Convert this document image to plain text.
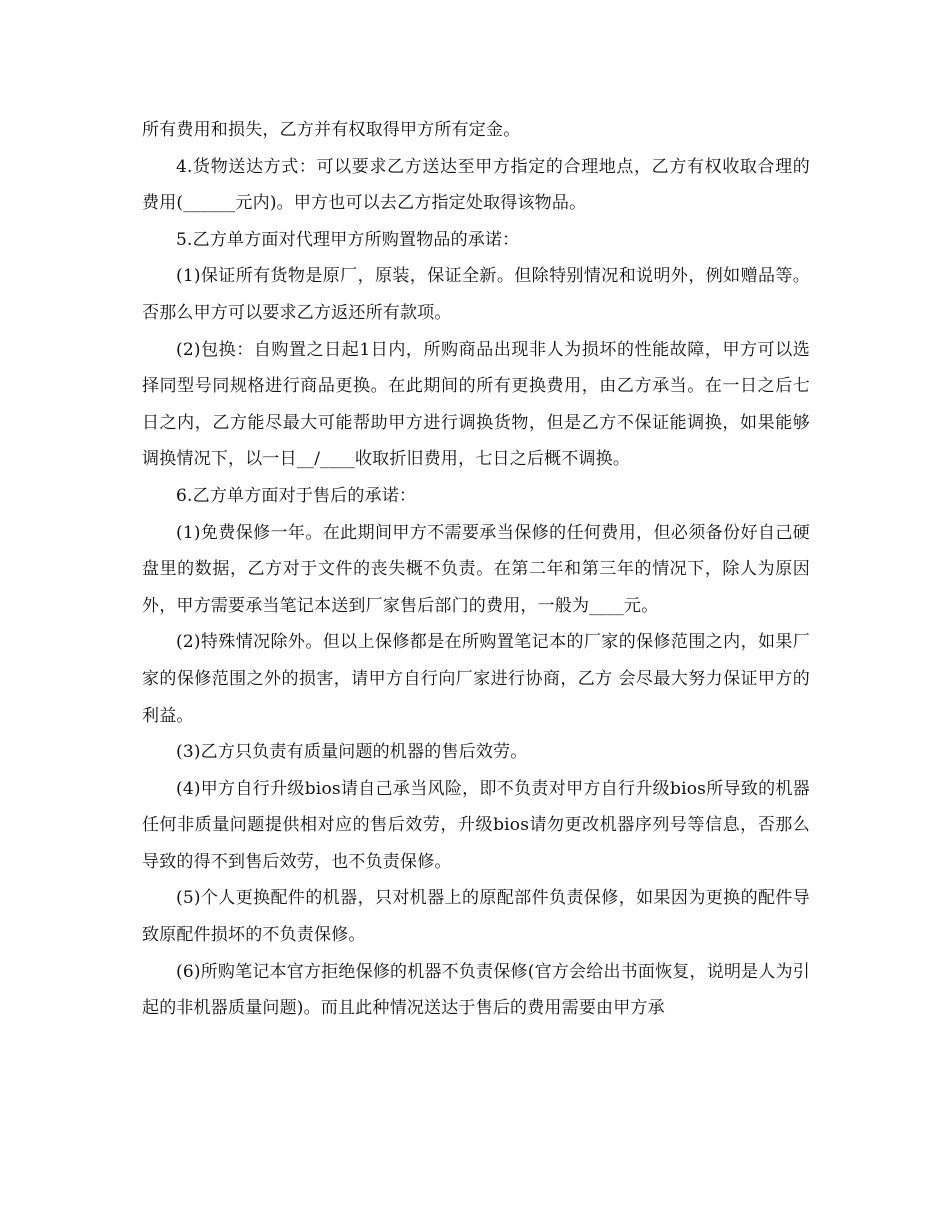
所有费用和损失，乙方并有权取得甲方所有定金。

4.货物送达方式：可以要求乙方送达至甲方指定的合理地点，乙方有权收取合理的费用(______元内)。甲方也可以去乙方指定处取得该物品。

5.乙方单方面对代理甲方所购置物品的承诺：

(1)保证所有货物是原厂，原装，保证全新。但除特别情况和说明外，例如赠品等。否那么甲方可以要求乙方返还所有款项。

(2)包换：自购置之日起1日内，所购商品出现非人为损坏的性能故障，甲方可以选择同型号同规格进行商品更换。在此期间的所有更换费用，由乙方承当。在一日之后七日之内，乙方能尽最大可能帮助甲方进行调换货物，但是乙方不保证能调换，如果能够调换情况下，以一日__/____收取折旧费用，七日之后概不调换。

6.乙方单方面对于售后的承诺：

(1)免费保修一年。在此期间甲方不需要承当保修的任何费用，但必须备份好自己硬盘里的数据，乙方对于文件的丧失概不负责。在第二年和第三年的情况下，除人为原因外，甲方需要承当笔记本送到厂家售后部门的费用，一般为____元。

(2)特殊情况除外。但以上保修都是在所购置笔记本的厂家的保修范围之内，如果厂家的保修范围之外的损害，请甲方自行向厂家进行协商，乙方 会尽最大努力保证甲方的利益。

(3)乙方只负责有质量问题的机器的售后效劳。

(4)甲方自行升级bios请自己承当风险，即不负责对甲方自行升级bios所导致的机器任何非质量问题提供相对应的售后效劳，升级bios请勿更改机器序列号等信息，否那么导致的得不到售后效劳，也不负责保修。

(5)个人更换配件的机器，只对机器上的原配部件负责保修，如果因为更换的配件导致原配件损坏的不负责保修。

(6)所购笔记本官方拒绝保修的机器不负责保修(官方会给出书面恢复，说明是人为引起的非机器质量问题)。而且此种情况送达于售后的费用需要由甲方承
